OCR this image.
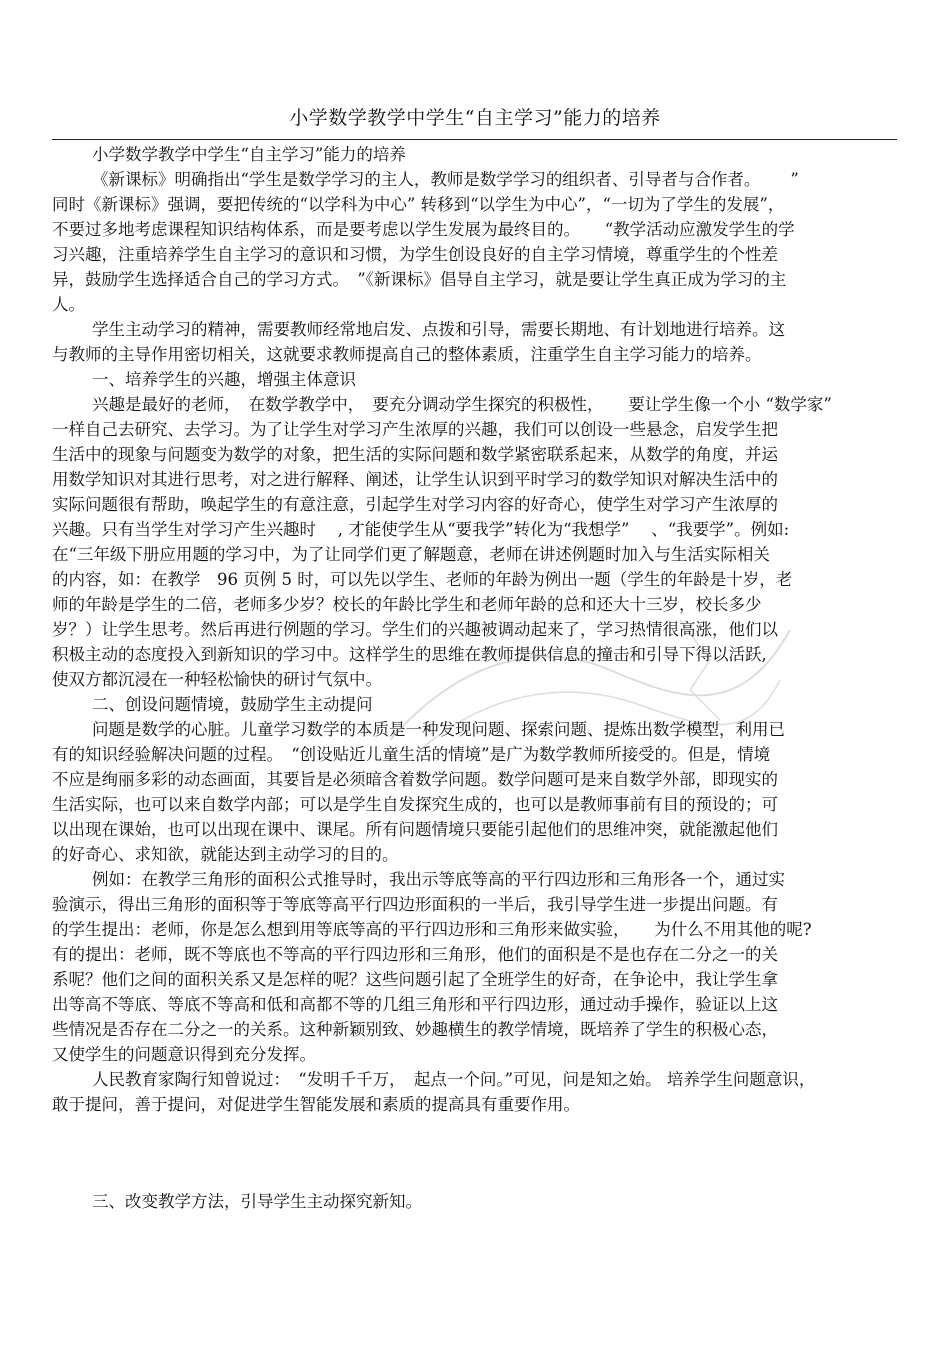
小学数学教学中学生“自主学习”能力的培养
小学数学教学中学生“自主学习”能力的培养
《新课标》明确指出“学生是数学学习的主人，教师是数学学习的组织者、引导者与合作者。　　 ”
同时《新课标》强调，要把传统的“以学科为中心” 转移到“以学生为中心”，“一切为了学生的发展”，
不要过多地考虑课程知识结构体系，而是要考虑以学生发展为最终目的。　　“教学活动应激发学生的学
习兴趣，注重培养学生自主学习的意识和习惯，为学生创设良好的自主学习情境，尊重学生的个性差
异，鼓励学生选择适合自己的学习方式。　”《新课标》倡导自主学习，就是要让学生真正成为学习的主
人。
学生主动学习的精神，需要教师经常地启发、点拨和引导，需要长期地、有计划地进行培养。这
与教师的主导作用密切相关，这就要求教师提高自己的整体素质，注重学生自主学习能力的培养。
一、培养学生的兴趣，增强主体意识
兴趣是最好的老师，　在数学教学中，　要充分调动学生探究的积极性，　　要让学生像一个小 “数学家”
一样自己去研究、去学习。为了让学生对学习产生浓厚的兴趣，我们可以创设一些悬念，启发学生把
生活中的现象与问题变为数学的对象，把生活的实际问题和数学紧密联系起来，从数学的角度，并运
用数学知识对其进行思考，对之进行解释、阐述，让学生认识到平时学习的数学知识对解决生活中的
实际问题很有帮助，唤起学生的有意注意，引起学生对学习内容的好奇心，使学生对学习产生浓厚的
兴趣。只有当学生对学习产生兴趣时　 , 才能使学生从“要我学”转化为“我想学”　 、“我要学”。例如:
在“三年级下册应用题的学习中，为了让同学们更了解题意，老师在讲述例题时加入与生活实际相关
的内容，如：在教学　96 页例 5 时，可以先以学生、老师的年龄为例出一题（学生的年龄是十岁，老
师的年龄是学生的二倍，老师多少岁？校长的年龄比学生和老师年龄的总和还大十三岁，校长多少
岁？）让学生思考。然后再进行例题的学习。学生们的兴趣被调动起来了，学习热情很高涨，他们以
积极主动的态度投入到新知识的学习中。这样学生的思维在教师提供信息的撞击和引导下得以活跃,
使双方都沉浸在一种轻松愉快的研讨气氛中。
二、创设问题情境，鼓励学生主动提问
问题是数学的心脏。儿童学习数学的本质是一种发现问题、探索问题、提炼出数学模型，利用已
有的知识经验解决问题的过程。　“创设贴近儿童生活的情境”是广为数学教师所接受的。但是，情境
不应是绚丽多彩的动态画面，其要旨是必须暗含着数学问题。数学问题可是来自数学外部，即现实的
生活实际，也可以来自数学内部；可以是学生自发探究生成的，也可以是教师事前有目的预设的；可
以出现在课始，也可以出现在课中、课尾。所有问题情境只要能引起他们的思维冲突，就能激起他们
的好奇心、求知欲，就能达到主动学习的目的。
例如：在教学三角形的面积公式推导时，我出示等底等高的平行四边形和三角形各一个，通过实
验演示，得出三角形的面积等于等底等高平行四边形面积的一半后，我引导学生进一步提出问题。有
的学生提出：老师，你是怎么想到用等底等高的平行四边形和三角形来做实验，　　为什么不用其他的呢?
有的提出：老师，既不等底也不等高的平行四边形和三角形，他们的面积是不是也存在二分之一的关
系呢？他们之间的面积关系又是怎样的呢？这些问题引起了全班学生的好奇，在争论中，我让学生拿
出等高不等底、等底不等高和低和高都不等的几组三角形和平行四边形，通过动手操作，验证以上这
些情况是否存在二分之一的关系。这种新颖别致、妙趣横生的教学情境，既培养了学生的积极心态，
又使学生的问题意识得到充分发挥。
人民教育家陶行知曾说过：　“发明千千万，　起点一个问。”可见，问是知之始。 培养学生问题意识，
敢于提问，善于提问，对促进学生智能发展和素质的提高具有重要作用。
三、改变教学方法，引导学生主动探究新知。
